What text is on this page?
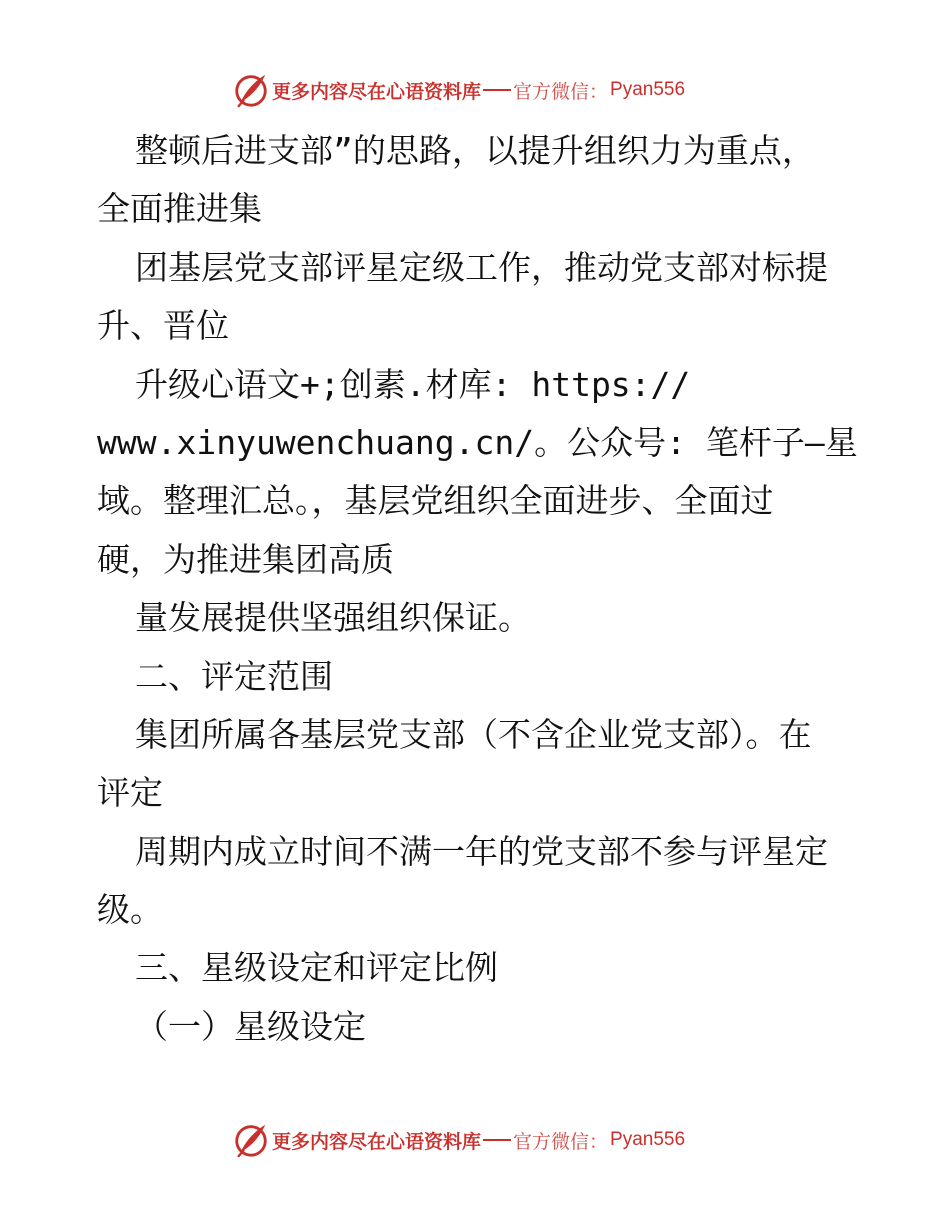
更多内容尽在心语资料库 官方微信： Pyan556
整顿后进支部”的思路，以提升组织力为重点，
全面推进集
团基层党支部评星定级工作，推动党支部对标提
升、晋位
升级心语文+;创素.材库: https://
www.xinyuwenchuang.cn/。公众号: 笔杆子—星
域。整理汇总。，基层党组织全面进步、全面过
硬，为推进集团高质
量发展提供坚强组织保证。
二、评定范围
集团所属各基层党支部（不含企业党支部）。在
评定
周期内成立时间不满一年的党支部不参与评星定
级。
三、星级设定和评定比例
（一）星级设定
更多内容尽在心语资料库 官方微信： Pyan556
